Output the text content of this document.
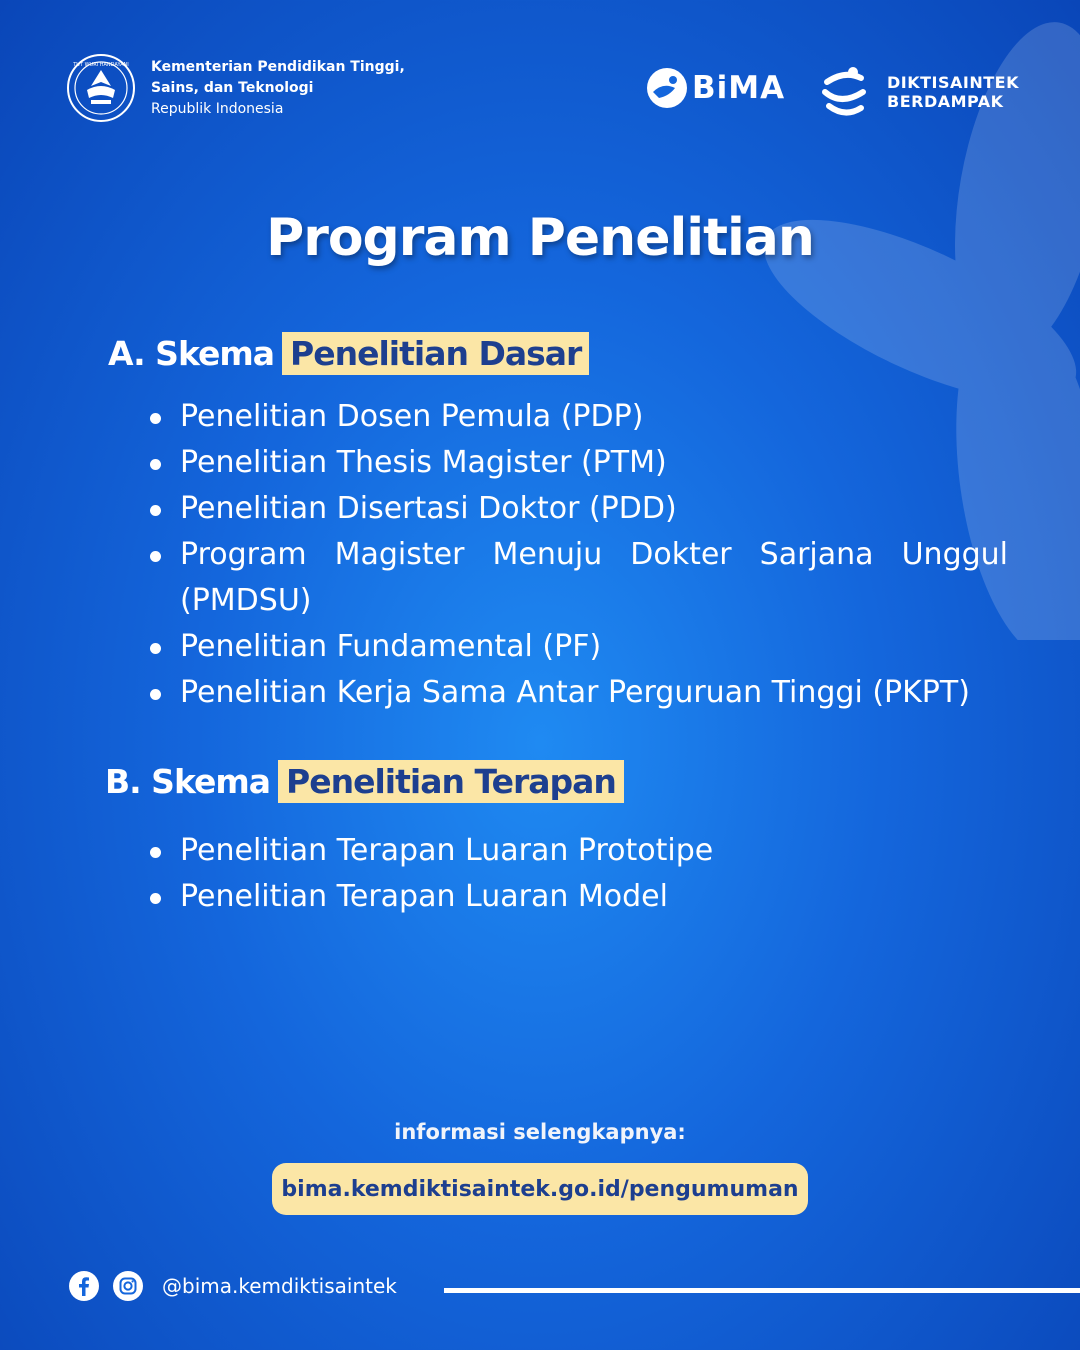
TUT WURI HANDAYANI Kementerian Pendidikan Tinggi,
Sains, dan Teknologi
Republik Indonesia
BiMA	DIKTISAINTEK
BERDAMPAK
Program Penelitian
A. Skema Penelitian Dasar
Penelitian Dosen Pemula (PDP)
Penelitian Thesis Magister (PTM)
Penelitian Disertasi Doktor (PDD)
Program Magister Menuju Dokter Sarjana Unggul (PMDSU)
Penelitian Fundamental (PF)
Penelitian Kerja Sama Antar Perguruan Tinggi (PKPT)
B. Skema Penelitian Terapan
Penelitian Terapan Luaran Prototipe
Penelitian Terapan Luaran Model
informasi selengkapnya:
bima.kemdiktisaintek.go.id/pengumuman
@bima.kemdiktisaintek
